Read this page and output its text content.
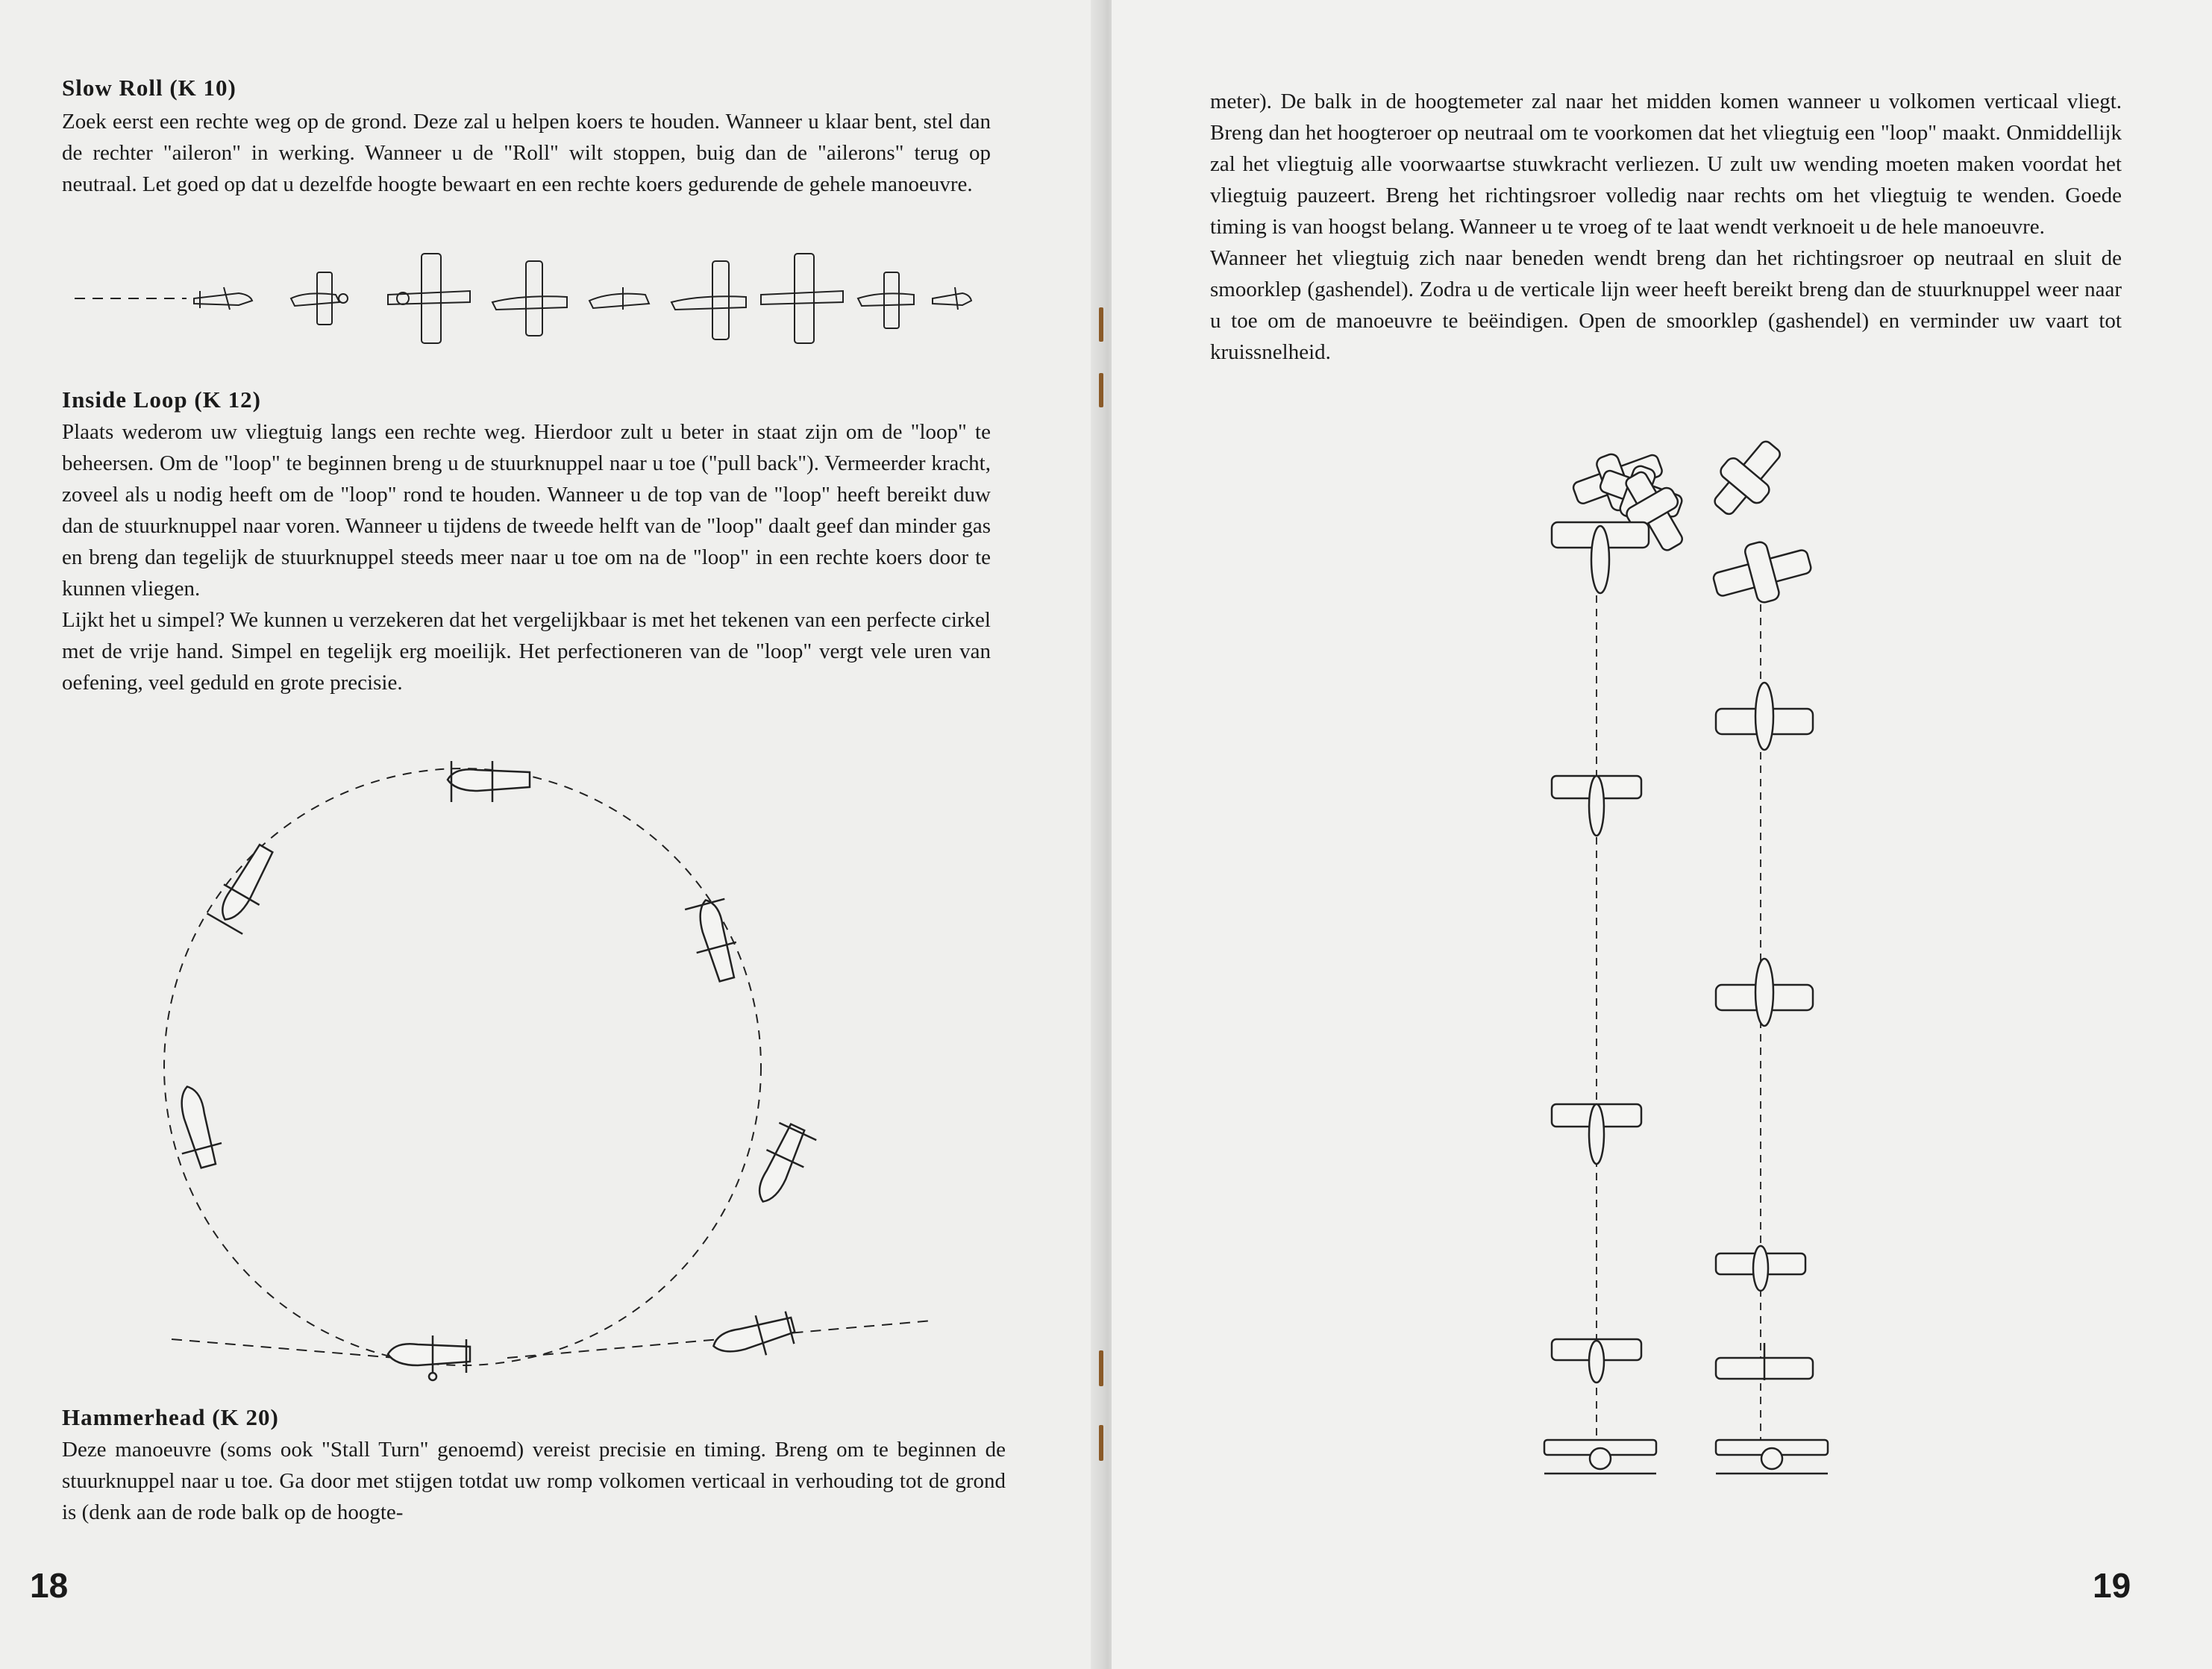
Slow Roll (K 10)

Zoek eerst een rechte weg op de grond. Deze zal u helpen koers te houden. Wanneer u klaar bent, stel dan de rechter "aileron" in werking. Wanneer u de "Roll" wilt stoppen, buig dan de "ailerons" terug op neutraal. Let goed op dat u dezelfde hoogte bewaart en een rechte koers gedurende de gehele manoeuvre.

Inside Loop (K 12)

Plaats wederom uw vliegtuig langs een rechte weg. Hierdoor zult u beter in staat zijn om de "loop" te beheersen. Om de "loop" te beginnen breng u de stuurknuppel naar u toe ("pull back"). Vermeerder kracht, zoveel als u nodig heeft om de "loop" rond te houden. Wanneer u de top van de "loop" heeft bereikt duw dan de stuurknuppel naar voren. Wanneer u tijdens de tweede helft van de "loop" daalt geef dan minder gas en breng dan tegelijk de stuurknuppel steeds meer naar u toe om na de "loop" in een rechte koers door te kunnen vliegen.

Lijkt het u simpel? We kunnen u verzekeren dat het vergelijkbaar is met het tekenen van een perfecte cirkel met de vrije hand. Simpel en tegelijk erg moeilijk. Het perfectioneren van de "loop" vergt vele uren van oefening, veel geduld en grote precisie.

Hammerhead (K 20)

Deze manoeuvre (soms ook "Stall Turn" genoemd) vereist precisie en timing. Breng om te beginnen de stuurknuppel naar u toe. Ga door met stijgen totdat uw romp volkomen verticaal in verhouding tot de grond is (denk aan de rode balk op de hoogte-

18

meter). De balk in de hoogtemeter zal naar het midden komen wanneer u volkomen verticaal vliegt. Breng dan het hoogteroer op neutraal om te voorkomen dat het vliegtuig een "loop" maakt. Onmiddellijk zal het vliegtuig alle voorwaartse stuwkracht verliezen. U zult uw wending moeten maken voordat het vliegtuig pauzeert. Breng het richtingsroer volledig naar rechts om het vliegtuig te wenden. Goede timing is van hoogst belang. Wanneer u te vroeg of te laat wendt verknoeit u de hele manoeuvre.

Wanneer het vliegtuig zich naar beneden wendt breng dan het richtingsroer op neutraal en sluit de smoorklep (gashendel). Zodra u de verticale lijn weer heeft bereikt breng dan de stuurknuppel weer naar u toe om de manoeuvre te beëindigen. Open de smoorklep (gashendel) en verminder uw vaart tot kruissnelheid.

19
